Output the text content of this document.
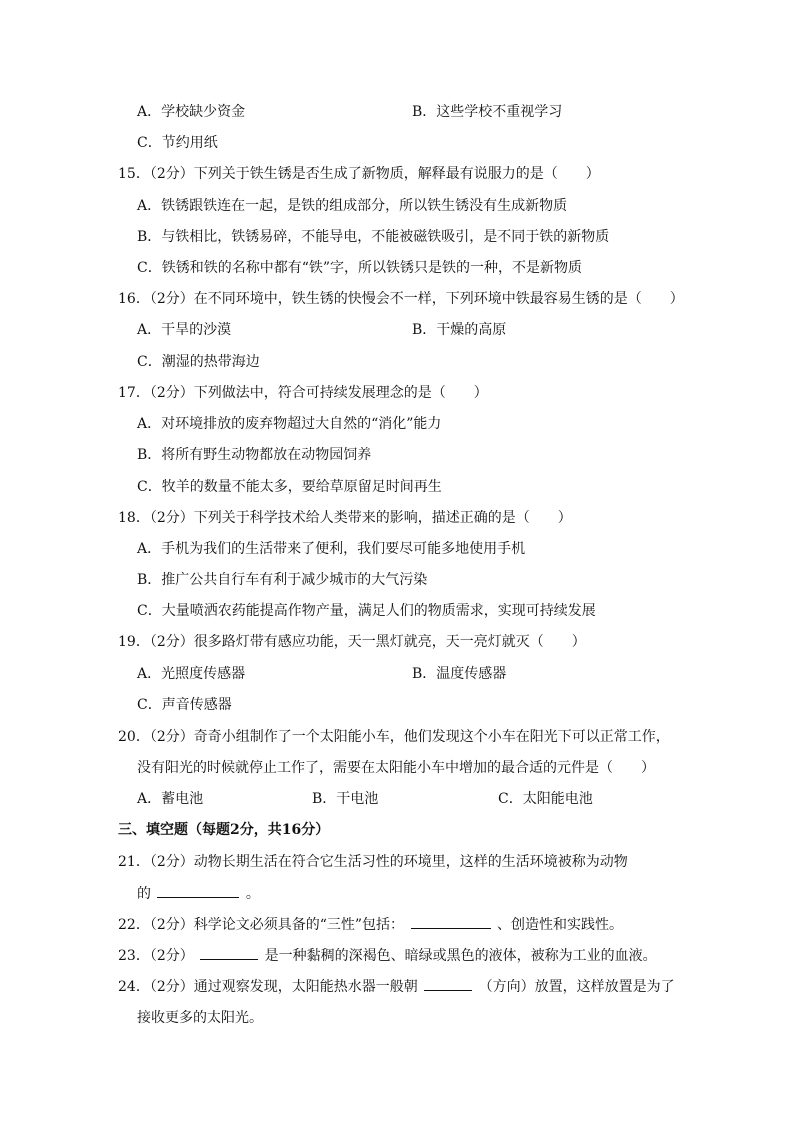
A．学校缺少资金	B．这些学校不重视学习
C．节约用纸
15．（2分）下列关于铁生锈是否生成了新物质，解释最有说服力的是（　　）
A．铁锈跟铁连在一起，是铁的组成部分，所以铁生锈没有生成新物质
B．与铁相比，铁锈易碎，不能导电，不能被磁铁吸引，是不同于铁的新物质
C．铁锈和铁的名称中都有“铁”字，所以铁锈只是铁的一种，不是新物质
16．（2分）在不同环境中，铁生锈的快慢会不一样，下列环境中铁最容易生锈的是（　　）
A．干旱的沙漠	B．干燥的高原
C．潮湿的热带海边
17．（2分）下列做法中，符合可持续发展理念的是（　　）
A．对环境排放的废弃物超过大自然的“消化”能力
B．将所有野生动物都放在动物园饲养
C．牧羊的数量不能太多，要给草原留足时间再生
18．（2分）下列关于科学技术给人类带来的影响，描述正确的是（　　）
A．手机为我们的生活带来了便利，我们要尽可能多地使用手机
B．推广公共自行车有利于减少城市的大气污染
C．大量喷洒农药能提高作物产量，满足人们的物质需求，实现可持续发展
19．（2分）很多路灯带有感应功能，天一黑灯就亮，天一亮灯就灭（　　）
A．光照度传感器	B．温度传感器
C．声音传感器
20．（2分）奇奇小组制作了一个太阳能小车，他们发现这个小车在阳光下可以正常工作，
没有阳光的时候就停止工作了，需要在太阳能小车中增加的最合适的元件是（　　）
A．蓄电池	B．干电池	C．太阳能电池
三、填空题（每题2分，共16分）
21．（2分）动物长期生活在符合它生活习性的环境里，这样的生活环境被称为动物
的	。
22．（2分）科学论文必须具备的“三性”包括：	、创造性和实践性。
23．（2分）	是一种黏稠的深褐色、暗绿或黑色的液体，被称为工业的血液。
24．（2分）通过观察发现，太阳能热水器一般朝	（方向）放置，这样放置是为了
接收更多的太阳光。
